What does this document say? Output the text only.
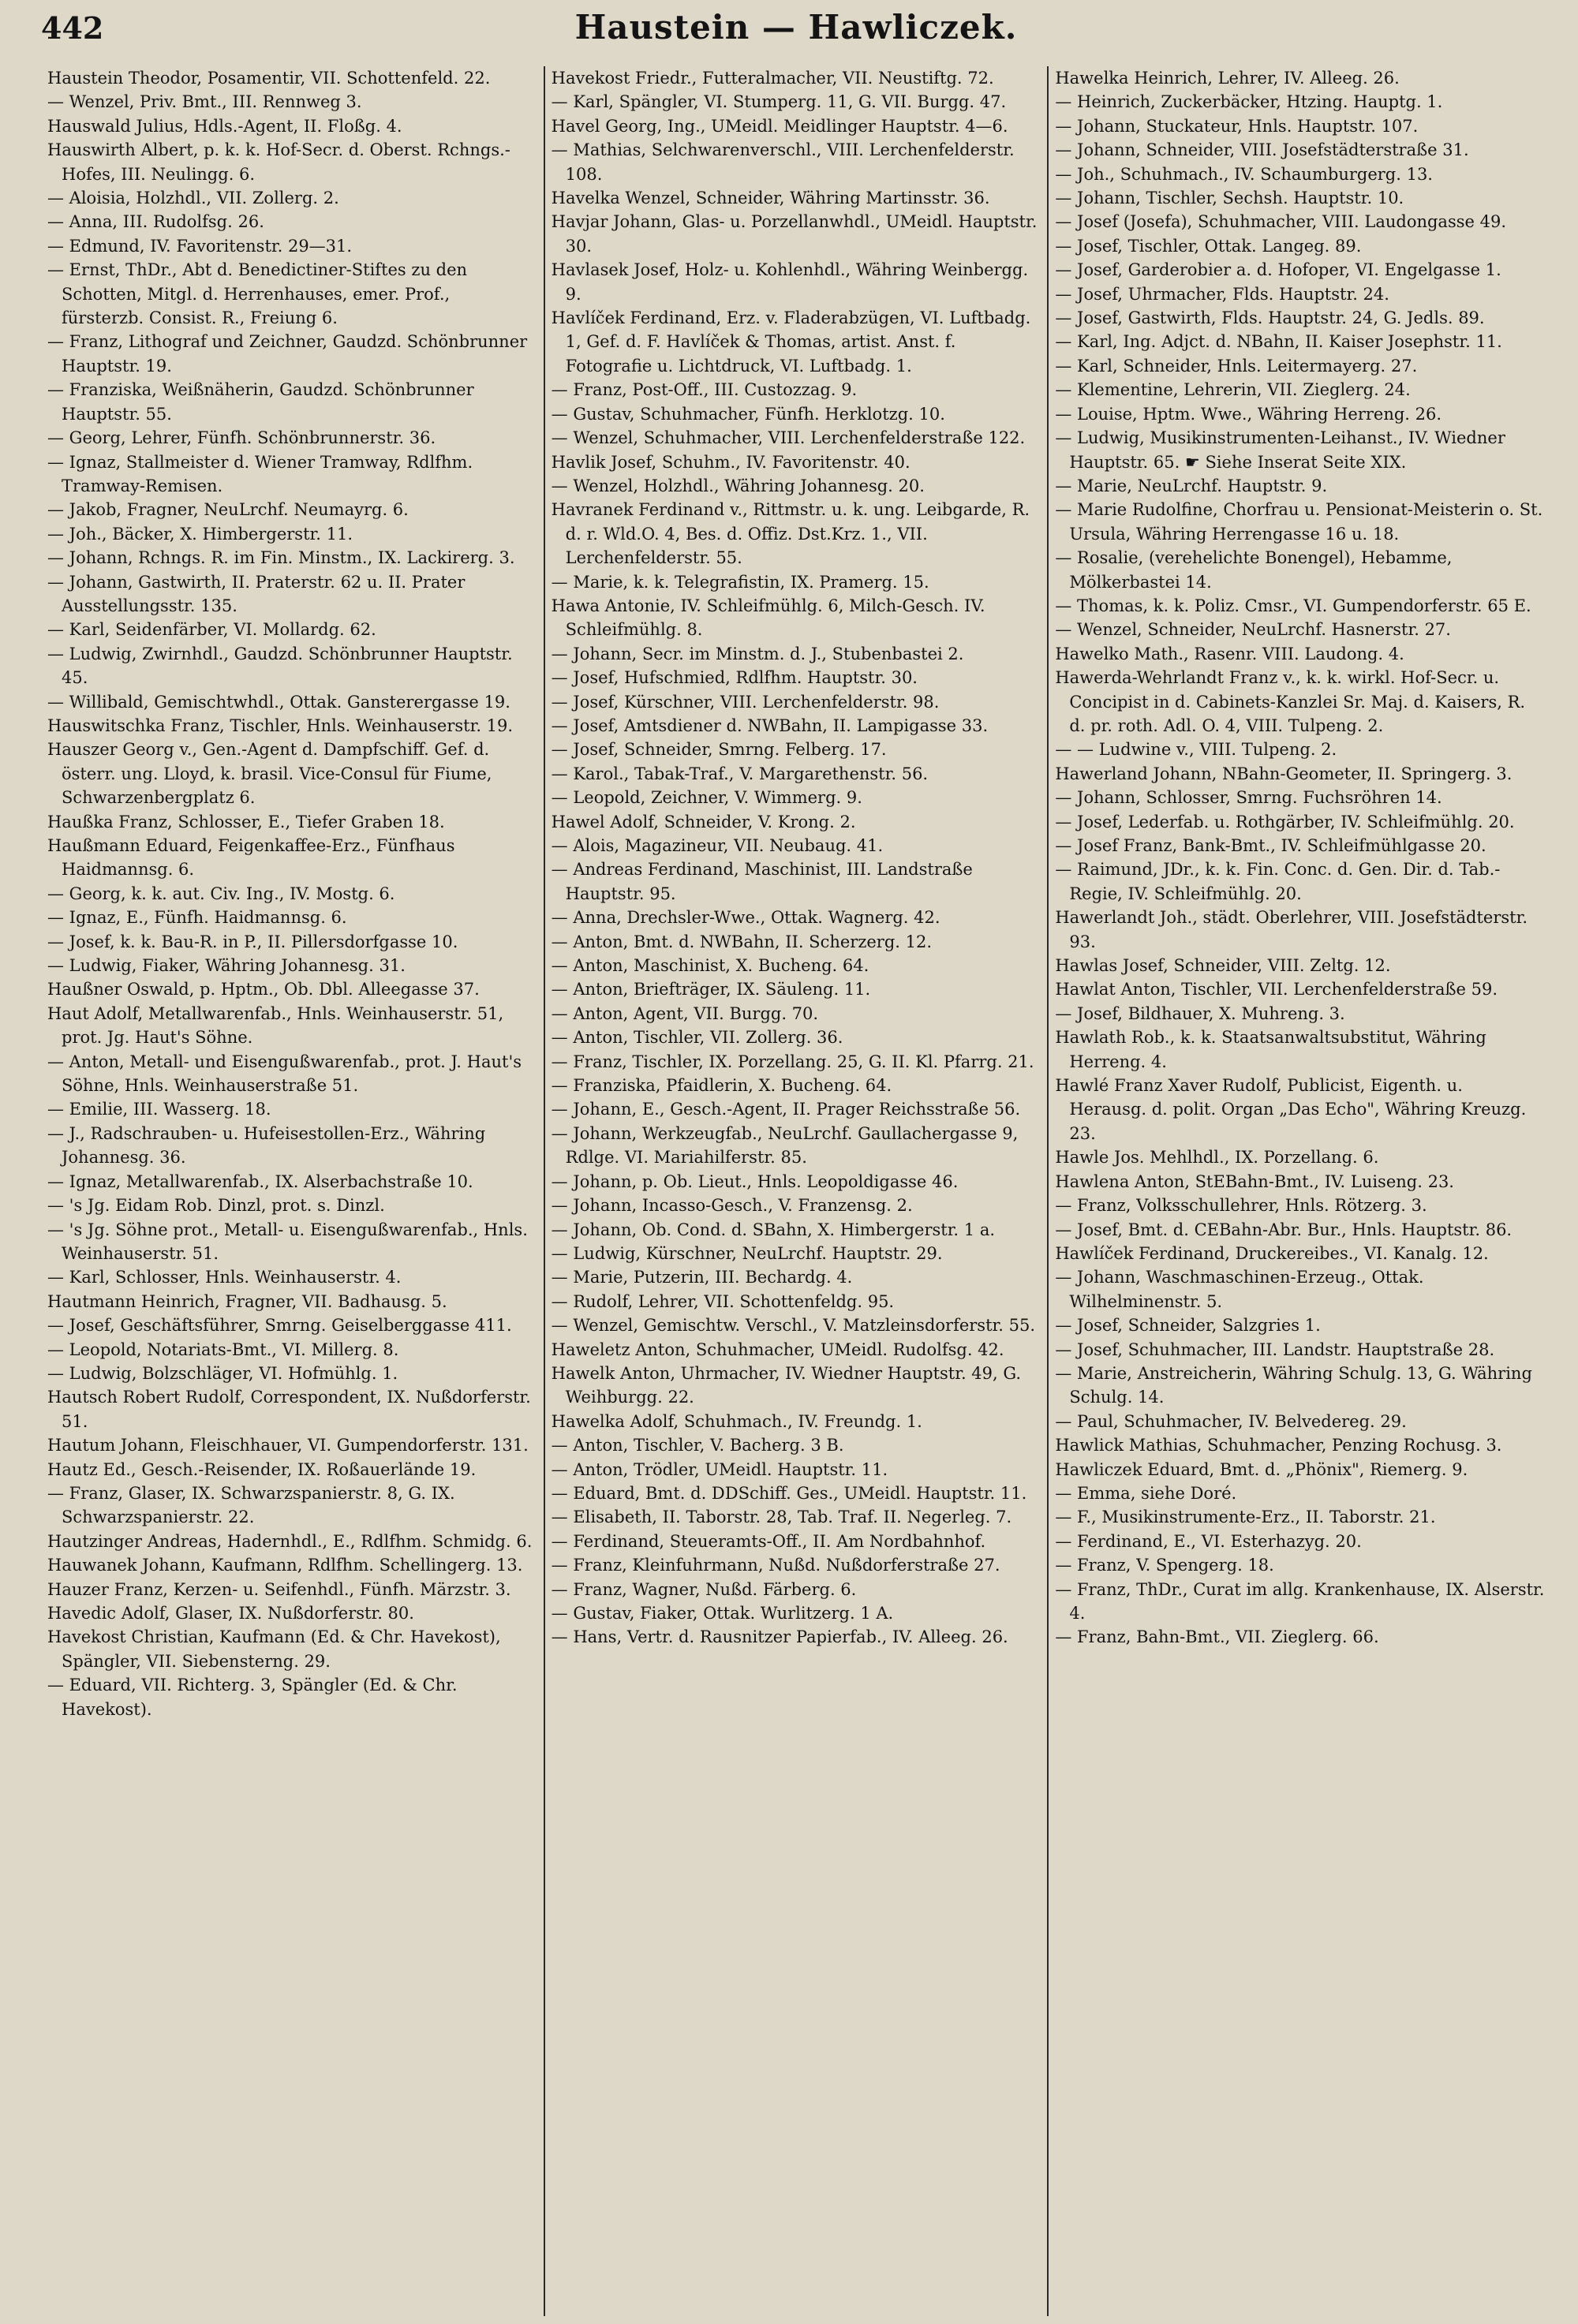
442	Haustein — Hawliczek.

Haustein Theodor, Posamentir, VII. Schottenfeld. 22.

— Wenzel, Priv. Bmt., III. Rennweg 3.

Hauswald Julius, Hdls.-Agent, II. Floßg. 4.

Hauswirth Albert, p. k. k. Hof-Secr. d. Oberst. Rchngs.-Hofes, III. Neulingg. 6.

— Aloisia, Holzhdl., VII. Zollerg. 2.

— Anna, III. Rudolfsg. 26.

— Edmund, IV. Favoritenstr. 29—31.

— Ernst, ThDr., Abt d. Benedictiner-Stiftes zu den Schotten, Mitgl. d. Herrenhauses, emer. Prof., fürsterzb. Consist. R., Freiung 6.

— Franz, Lithograf und Zeichner, Gaudzd. Schönbrunner Hauptstr. 19.

— Franziska, Weißnäherin, Gaudzd. Schönbrunner Hauptstr. 55.

— Georg, Lehrer, Fünfh. Schönbrunnerstr. 36.

— Ignaz, Stallmeister d. Wiener Tramway, Rdlfhm. Tramway-Remisen.

— Jakob, Fragner, NeuLrchf. Neumayrg. 6.

— Joh., Bäcker, X. Himbergerstr. 11.

— Johann, Rchngs. R. im Fin. Minstm., IX. Lackirerg. 3.

— Johann, Gastwirth, II. Praterstr. 62 u. II. Prater Ausstellungsstr. 135.

— Karl, Seidenfärber, VI. Mollardg. 62.

— Ludwig, Zwirnhdl., Gaudzd. Schönbrunner Hauptstr. 45.

— Willibald, Gemischtwhdl., Ottak. Gansterergasse 19.

Hauswitschka Franz, Tischler, Hnls. Weinhauserstr. 19.

Hauszer Georg v., Gen.-Agent d. Dampfschiff. Gef. d. österr. ung. Lloyd, k. brasil. Vice-Consul für Fiume, Schwarzenbergplatz 6.

Haußka Franz, Schlosser, E., Tiefer Graben 18.

Haußmann Eduard, Feigenkaffee-Erz., Fünfhaus Haidmannsg. 6.

— Georg, k. k. aut. Civ. Ing., IV. Mostg. 6.

— Ignaz, E., Fünfh. Haidmannsg. 6.

— Josef, k. k. Bau-R. in P., II. Pillersdorfgasse 10.

— Ludwig, Fiaker, Währing Johannesg. 31.

Haußner Oswald, p. Hptm., Ob. Dbl. Alleegasse 37.

Haut Adolf, Metallwarenfab., Hnls. Weinhauserstr. 51, prot. Jg. Haut's Söhne.

— Anton, Metall- und Eisengußwarenfab., prot. J. Haut's Söhne, Hnls. Weinhauserstraße 51.

— Emilie, III. Wasserg. 18.

— J., Radschrauben- u. Hufeisestollen-Erz., Währing Johannesg. 36.

— Ignaz, Metallwarenfab., IX. Alserbachstraße 10.

— 's Jg. Eidam Rob. Dinzl, prot. s. Dinzl.

— 's Jg. Söhne prot., Metall- u. Eisengußwarenfab., Hnls. Weinhauserstr. 51.

— Karl, Schlosser, Hnls. Weinhauserstr. 4.

Hautmann Heinrich, Fragner, VII. Badhausg. 5.

— Josef, Geschäftsführer, Smrng. Geiselberggasse 411.

— Leopold, Notariats-Bmt., VI. Millerg. 8.

— Ludwig, Bolzschläger, VI. Hofmühlg. 1.

Hautsch Robert Rudolf, Correspondent, IX. Nußdorferstr. 51.

Hautum Johann, Fleischhauer, VI. Gumpendorferstr. 131.

Hautz Ed., Gesch.-Reisender, IX. Roßauerlände 19.

— Franz, Glaser, IX. Schwarzspanierstr. 8, G. IX. Schwarzspanierstr. 22.

Hautzinger Andreas, Hadernhdl., E., Rdlfhm. Schmidg. 6.

Hauwanek Johann, Kaufmann, Rdlfhm. Schellingerg. 13.

Hauzer Franz, Kerzen- u. Seifenhdl., Fünfh. Märzstr. 3.

Havedic Adolf, Glaser, IX. Nußdorferstr. 80.

Havekost Christian, Kaufmann (Ed. & Chr. Havekost), Spängler, VII. Siebensterng. 29.

— Eduard, VII. Richterg. 3, Spängler (Ed. & Chr. Havekost).

Havekost Friedr., Futteralmacher, VII. Neustiftg. 72.

— Karl, Spängler, VI. Stumperg. 11, G. VII. Burgg. 47.

Havel Georg, Ing., UMeidl. Meidlinger Hauptstr. 4—6.

— Mathias, Selchwarenverschl., VIII. Lerchenfelderstr. 108.

Havelka Wenzel, Schneider, Währing Martinsstr. 36.

Havjar Johann, Glas- u. Porzellanwhdl., UMeidl. Hauptstr. 30.

Havlasek Josef, Holz- u. Kohlenhdl., Währing Weinbergg. 9.

Havlíček Ferdinand, Erz. v. Fladerabzügen, VI. Luftbadg. 1, Gef. d. F. Havlíček & Thomas, artist. Anst. f. Fotografie u. Lichtdruck, VI. Luftbadg. 1.

— Franz, Post-Off., III. Custozzag. 9.

— Gustav, Schuhmacher, Fünfh. Herklotzg. 10.

— Wenzel, Schuhmacher, VIII. Lerchenfelderstraße 122.

Havlik Josef, Schuhm., IV. Favoritenstr. 40.

— Wenzel, Holzhdl., Währing Johannesg. 20.

Havranek Ferdinand v., Rittmstr. u. k. ung. Leibgarde, R. d. r. Wld.O. 4, Bes. d. Offiz. Dst.Krz. 1., VII. Lerchenfelderstr. 55.

— Marie, k. k. Telegrafistin, IX. Pramerg. 15.

Hawa Antonie, IV. Schleifmühlg. 6, Milch-Gesch. IV. Schleifmühlg. 8.

— Johann, Secr. im Minstm. d. J., Stubenbastei 2.

— Josef, Hufschmied, Rdlfhm. Hauptstr. 30.

— Josef, Kürschner, VIII. Lerchenfelderstr. 98.

— Josef, Amtsdiener d. NWBahn, II. Lampigasse 33.

— Josef, Schneider, Smrng. Felberg. 17.

— Karol., Tabak-Traf., V. Margarethenstr. 56.

— Leopold, Zeichner, V. Wimmerg. 9.

Hawel Adolf, Schneider, V. Krong. 2.

— Alois, Magazineur, VII. Neubaug. 41.

— Andreas Ferdinand, Maschinist, III. Landstraße Hauptstr. 95.

— Anna, Drechsler-Wwe., Ottak. Wagnerg. 42.

— Anton, Bmt. d. NWBahn, II. Scherzerg. 12.

— Anton, Maschinist, X. Bucheng. 64.

— Anton, Briefträger, IX. Säuleng. 11.

— Anton, Agent, VII. Burgg. 70.

— Anton, Tischler, VII. Zollerg. 36.

— Franz, Tischler, IX. Porzellang. 25, G. II. Kl. Pfarrg. 21.

— Franziska, Pfaidlerin, X. Bucheng. 64.

— Johann, E., Gesch.-Agent, II. Prager Reichsstraße 56.

— Johann, Werkzeugfab., NeuLrchf. Gaullachergasse 9, Rdlge. VI. Mariahilferstr. 85.

— Johann, p. Ob. Lieut., Hnls. Leopoldigasse 46.

— Johann, Incasso-Gesch., V. Franzensg. 2.

— Johann, Ob. Cond. d. SBahn, X. Himbergerstr. 1 a.

— Ludwig, Kürschner, NeuLrchf. Hauptstr. 29.

— Marie, Putzerin, III. Bechardg. 4.

— Rudolf, Lehrer, VII. Schottenfeldg. 95.

— Wenzel, Gemischtw. Verschl., V. Matzleinsdorferstr. 55.

Haweletz Anton, Schuhmacher, UMeidl. Rudolfsg. 42.

Hawelk Anton, Uhrmacher, IV. Wiedner Hauptstr. 49, G. Weihburgg. 22.

Hawelka Adolf, Schuhmach., IV. Freundg. 1.

— Anton, Tischler, V. Bacherg. 3 B.

— Anton, Trödler, UMeidl. Hauptstr. 11.

— Eduard, Bmt. d. DDSchiff. Ges., UMeidl. Hauptstr. 11.

— Elisabeth, II. Taborstr. 28, Tab. Traf. II. Negerleg. 7.

— Ferdinand, Steueramts-Off., II. Am Nordbahnhof.

— Franz, Kleinfuhrmann, Nußd. Nußdorferstraße 27.

— Franz, Wagner, Nußd. Färberg. 6.

— Gustav, Fiaker, Ottak. Wurlitzerg. 1 A.

— Hans, Vertr. d. Rausnitzer Papierfab., IV. Alleeg. 26.

Hawelka Heinrich, Lehrer, IV. Alleeg. 26.

— Heinrich, Zuckerbäcker, Htzing. Hauptg. 1.

— Johann, Stuckateur, Hnls. Hauptstr. 107.

— Johann, Schneider, VIII. Josefstädterstraße 31.

— Joh., Schuhmach., IV. Schaumburgerg. 13.

— Johann, Tischler, Sechsh. Hauptstr. 10.

— Josef (Josefa), Schuhmacher, VIII. Laudongasse 49.

— Josef, Tischler, Ottak. Langeg. 89.

— Josef, Garderobier a. d. Hofoper, VI. Engelgasse 1.

— Josef, Uhrmacher, Flds. Hauptstr. 24.

— Josef, Gastwirth, Flds. Hauptstr. 24, G. Jedls. 89.

— Karl, Ing. Adjct. d. NBahn, II. Kaiser Josephstr. 11.

— Karl, Schneider, Hnls. Leitermayerg. 27.

— Klementine, Lehrerin, VII. Zieglerg. 24.

— Louise, Hptm. Wwe., Währing Herreng. 26.

— Ludwig, Musikinstrumenten-Leihanst., IV. Wiedner Hauptstr. 65. ☛ Siehe Inserat Seite XIX.

— Marie, NeuLrchf. Hauptstr. 9.

— Marie Rudolfine, Chorfrau u. Pensionat-Meisterin o. St. Ursula, Währing Herrengasse 16 u. 18.

— Rosalie, (verehelichte Bonengel), Hebamme, Mölkerbastei 14.

— Thomas, k. k. Poliz. Cmsr., VI. Gumpendorferstr. 65 E.

— Wenzel, Schneider, NeuLrchf. Hasnerstr. 27.

Hawelko Math., Rasenr. VIII. Laudong. 4.

Hawerda-Wehrlandt Franz v., k. k. wirkl. Hof-Secr. u. Concipist in d. Cabinets-Kanzlei Sr. Maj. d. Kaisers, R. d. pr. roth. Adl. O. 4, VIII. Tulpeng. 2.

— — Ludwine v., VIII. Tulpeng. 2.

Hawerland Johann, NBahn-Geometer, II. Springerg. 3.

— Johann, Schlosser, Smrng. Fuchsröhren 14.

— Josef, Lederfab. u. Rothgärber, IV. Schleifmühlg. 20.

— Josef Franz, Bank-Bmt., IV. Schleifmühlgasse 20.

— Raimund, JDr., k. k. Fin. Conc. d. Gen. Dir. d. Tab.-Regie, IV. Schleifmühlg. 20.

Hawerlandt Joh., städt. Oberlehrer, VIII. Josefstädterstr. 93.

Hawlas Josef, Schneider, VIII. Zeltg. 12.

Hawlat Anton, Tischler, VII. Lerchenfelderstraße 59.

— Josef, Bildhauer, X. Muhreng. 3.

Hawlath Rob., k. k. Staatsanwaltsubstitut, Währing Herreng. 4.

Hawlé Franz Xaver Rudolf, Publicist, Eigenth. u. Herausg. d. polit. Organ „Das Echo", Währing Kreuzg. 23.

Hawle Jos. Mehlhdl., IX. Porzellang. 6.

Hawlena Anton, StEBahn-Bmt., IV. Luiseng. 23.

— Franz, Volksschullehrer, Hnls. Rötzerg. 3.

— Josef, Bmt. d. CEBahn-Abr. Bur., Hnls. Hauptstr. 86.

Hawlíček Ferdinand, Druckereibes., VI. Kanalg. 12.

— Johann, Waschmaschinen-Erzeug., Ottak. Wilhelminenstr. 5.

— Josef, Schneider, Salzgries 1.

— Josef, Schuhmacher, III. Landstr. Hauptstraße 28.

— Marie, Anstreicherin, Währing Schulg. 13, G. Währing Schulg. 14.

— Paul, Schuhmacher, IV. Belvedereg. 29.

Hawlick Mathias, Schuhmacher, Penzing Rochusg. 3.

Hawliczek Eduard, Bmt. d. „Phönix", Riemerg. 9.

— Emma, siehe Doré.

— F., Musikinstrumente-Erz., II. Taborstr. 21.

— Ferdinand, E., VI. Esterhazyg. 20.

— Franz, V. Spengerg. 18.

— Franz, ThDr., Curat im allg. Krankenhause, IX. Alserstr. 4.

— Franz, Bahn-Bmt., VII. Zieglerg. 66.
